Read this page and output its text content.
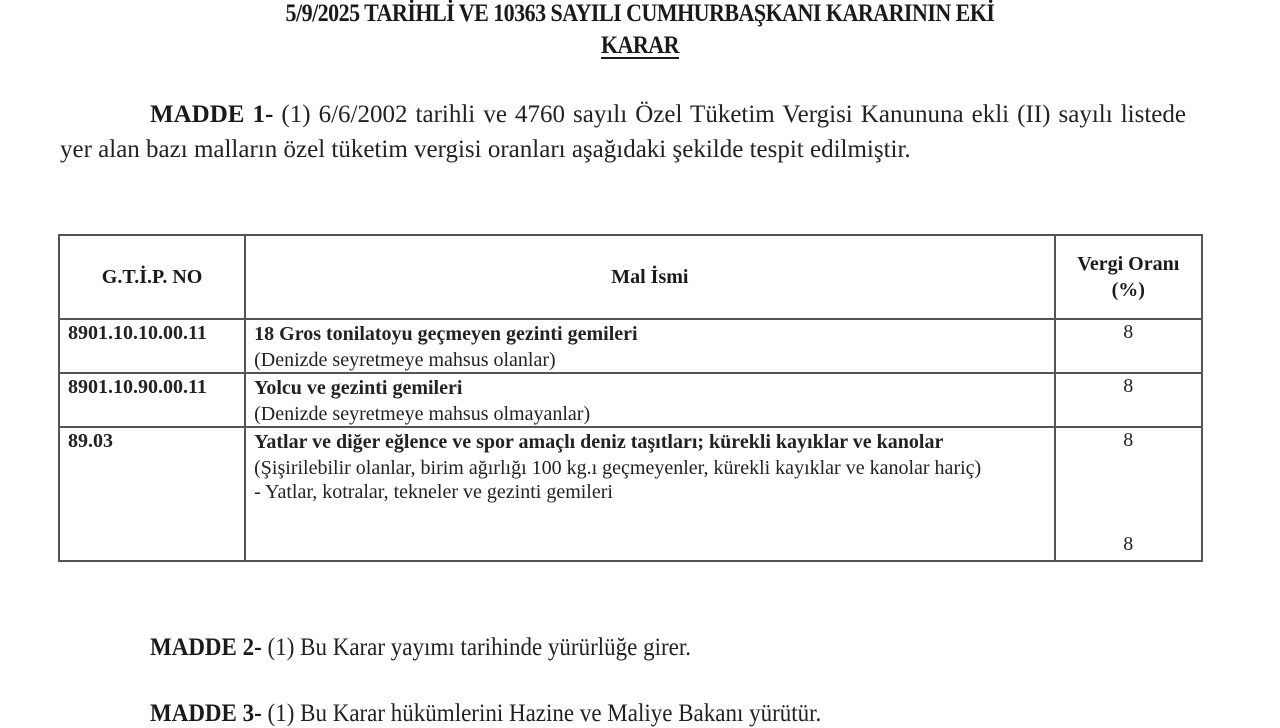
5/9/2025 TARİHLİ VE 10363 SAYILI CUMHURBAŞKANI KARARININ EKİ
KARAR
MADDE 1- (1) 6/6/2002 tarihli ve 4760 sayılı Özel Tüketim Vergisi Kanununa ekli (II) sayılı listede yer alan bazı malların özel tüketim vergisi oranları aşağıdaki şekilde tespit edilmiştir.
G.T.İ.P. NO	Mal İsmi	Vergi Oranı
(%)
8901.10.10.00.11	18 Gros tonilatoyu geçmeyen gezinti gemileri
(Denizde seyretmeye mahsus olanlar)	8
8901.10.90.00.11	Yolcu ve gezinti gemileri
(Denizde seyretmeye mahsus olmayanlar)	8
89.03	Yatlar ve diğer eğlence ve spor amaçlı deniz taşıtları; kürekli kayıklar ve kanolar
(Şişirilebilir olanlar, birim ağırlığı 100 kg.ı geçmeyenler, kürekli kayıklar ve kanolar hariç)
- Yatlar, kotralar, tekneler ve gezinti gemileri	8
8
MADDE 2- (1) Bu Karar yayımı tarihinde yürürlüğe girer.
MADDE 3- (1) Bu Karar hükümlerini Hazine ve Maliye Bakanı yürütür.
